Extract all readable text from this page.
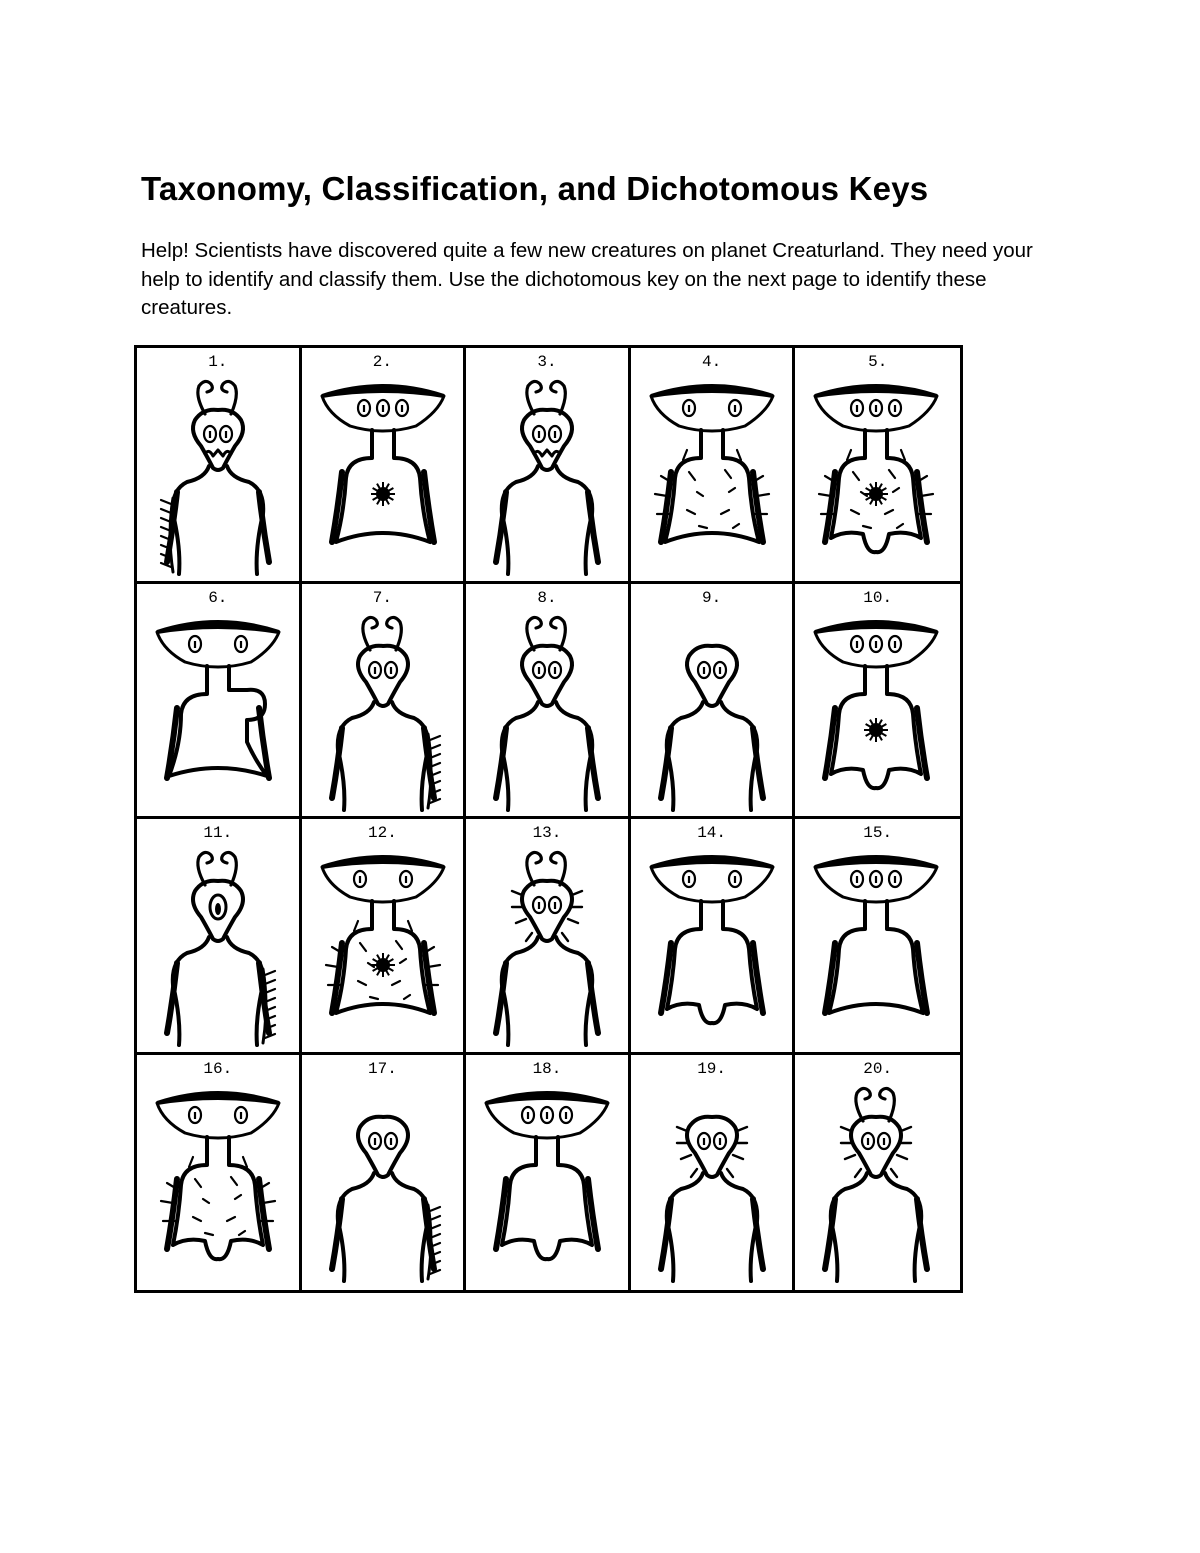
Taxonomy, Classification, and Dichotomous Keys
Help! Scientists have discovered quite a few new creatures on planet Creaturland. They need your help to identify and classify them. Use the dichotomous key on the next page to identify these creatures.
1.	2.	3.	4.	5.
6.	7.	8.	9.	10.
11.	12.	13.	14.	15.
16.	17.	18.	19.	20.
